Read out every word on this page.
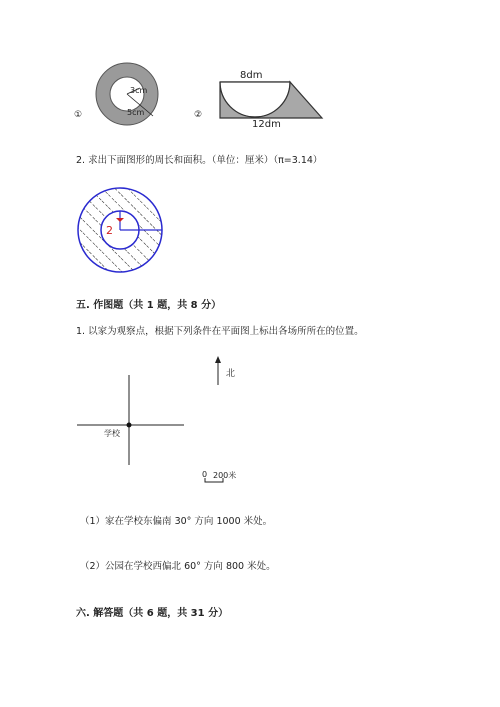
①
3cm
5cm	②
8dm
12dm
2. 求出下面图形的周长和面积。（单位：厘米）（π=3.14）
2
五. 作图题（共 1 题，共 8 分）
1. 以家为观察点，根据下列条件在平面图上标出各场所所在的位置。
北
学校
0 200米
（1）家在学校东偏南 30° 方向 1000 米处。
（2）公园在学校西偏北 60° 方向 800 米处。
六. 解答题（共 6 题，共 31 分）
